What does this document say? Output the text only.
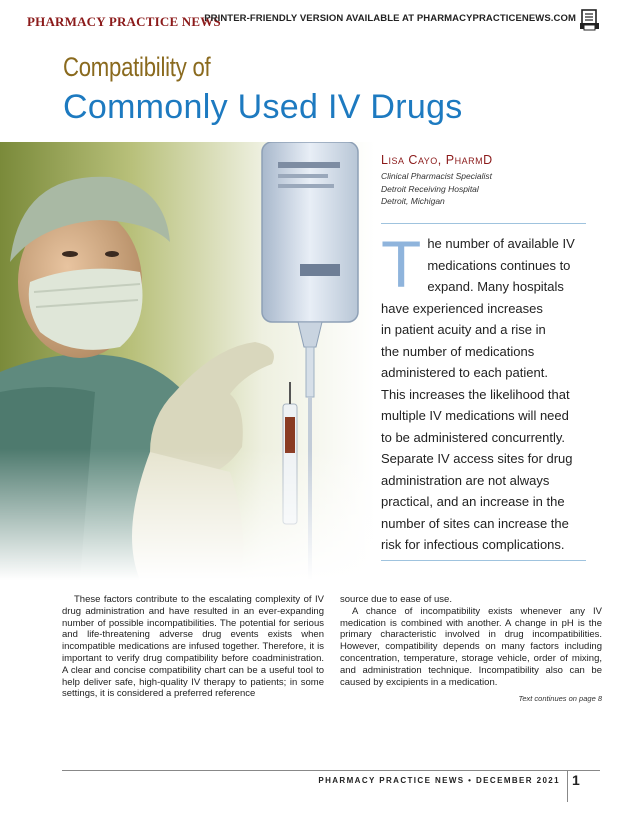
PHARMACY PRACTICE NEWS
PRINTER-FRIENDLY VERSION AVAILABLE AT PHARMACYPRACTICENEWS.COM
Compatibility of
Commonly Used IV Drugs
Lisa Cayo, PharmD
Clinical Pharmacist Specialist
Detroit Receiving Hospital
Detroit, Michigan
T he number of available IV
medications continues to
expand. Many hospitals
have experienced increases
in patient acuity and a rise in
the number of medications
administered to each patient.
This increases the likelihood that
multiple IV medications will need
to be administered concurrently.
Separate IV access sites for drug
administration are not always
practical, and an increase in the
number of sites can increase the
risk for infectious complications.

These factors contribute to the escalating complexity of IV drug administration and have resulted in an ever-expanding number of possible incompatibilities. The potential for serious and life-threatening adverse drug events exists when incompatible medications are infused together. Therefore, it is important to verify drug compatibility before coadministration. A clear and concise compatibility chart can be a useful tool to help deliver safe, high-quality IV therapy to patients; in some settings, it is considered a preferred reference

source due to ease of use.

A chance of incompatibility exists whenever any IV medication is combined with another. A change in pH is the primary characteristic involved in drug incompatibilities. However, compatibility depends on many factors including concentration, temperature, storage vehicle, order of mixing, and administration technique. Incompatibility also can be caused by excipients in a medication.

Text continues on page 8
PHARMACY PRACTICE NEWS • DECEMBER 2021 1
